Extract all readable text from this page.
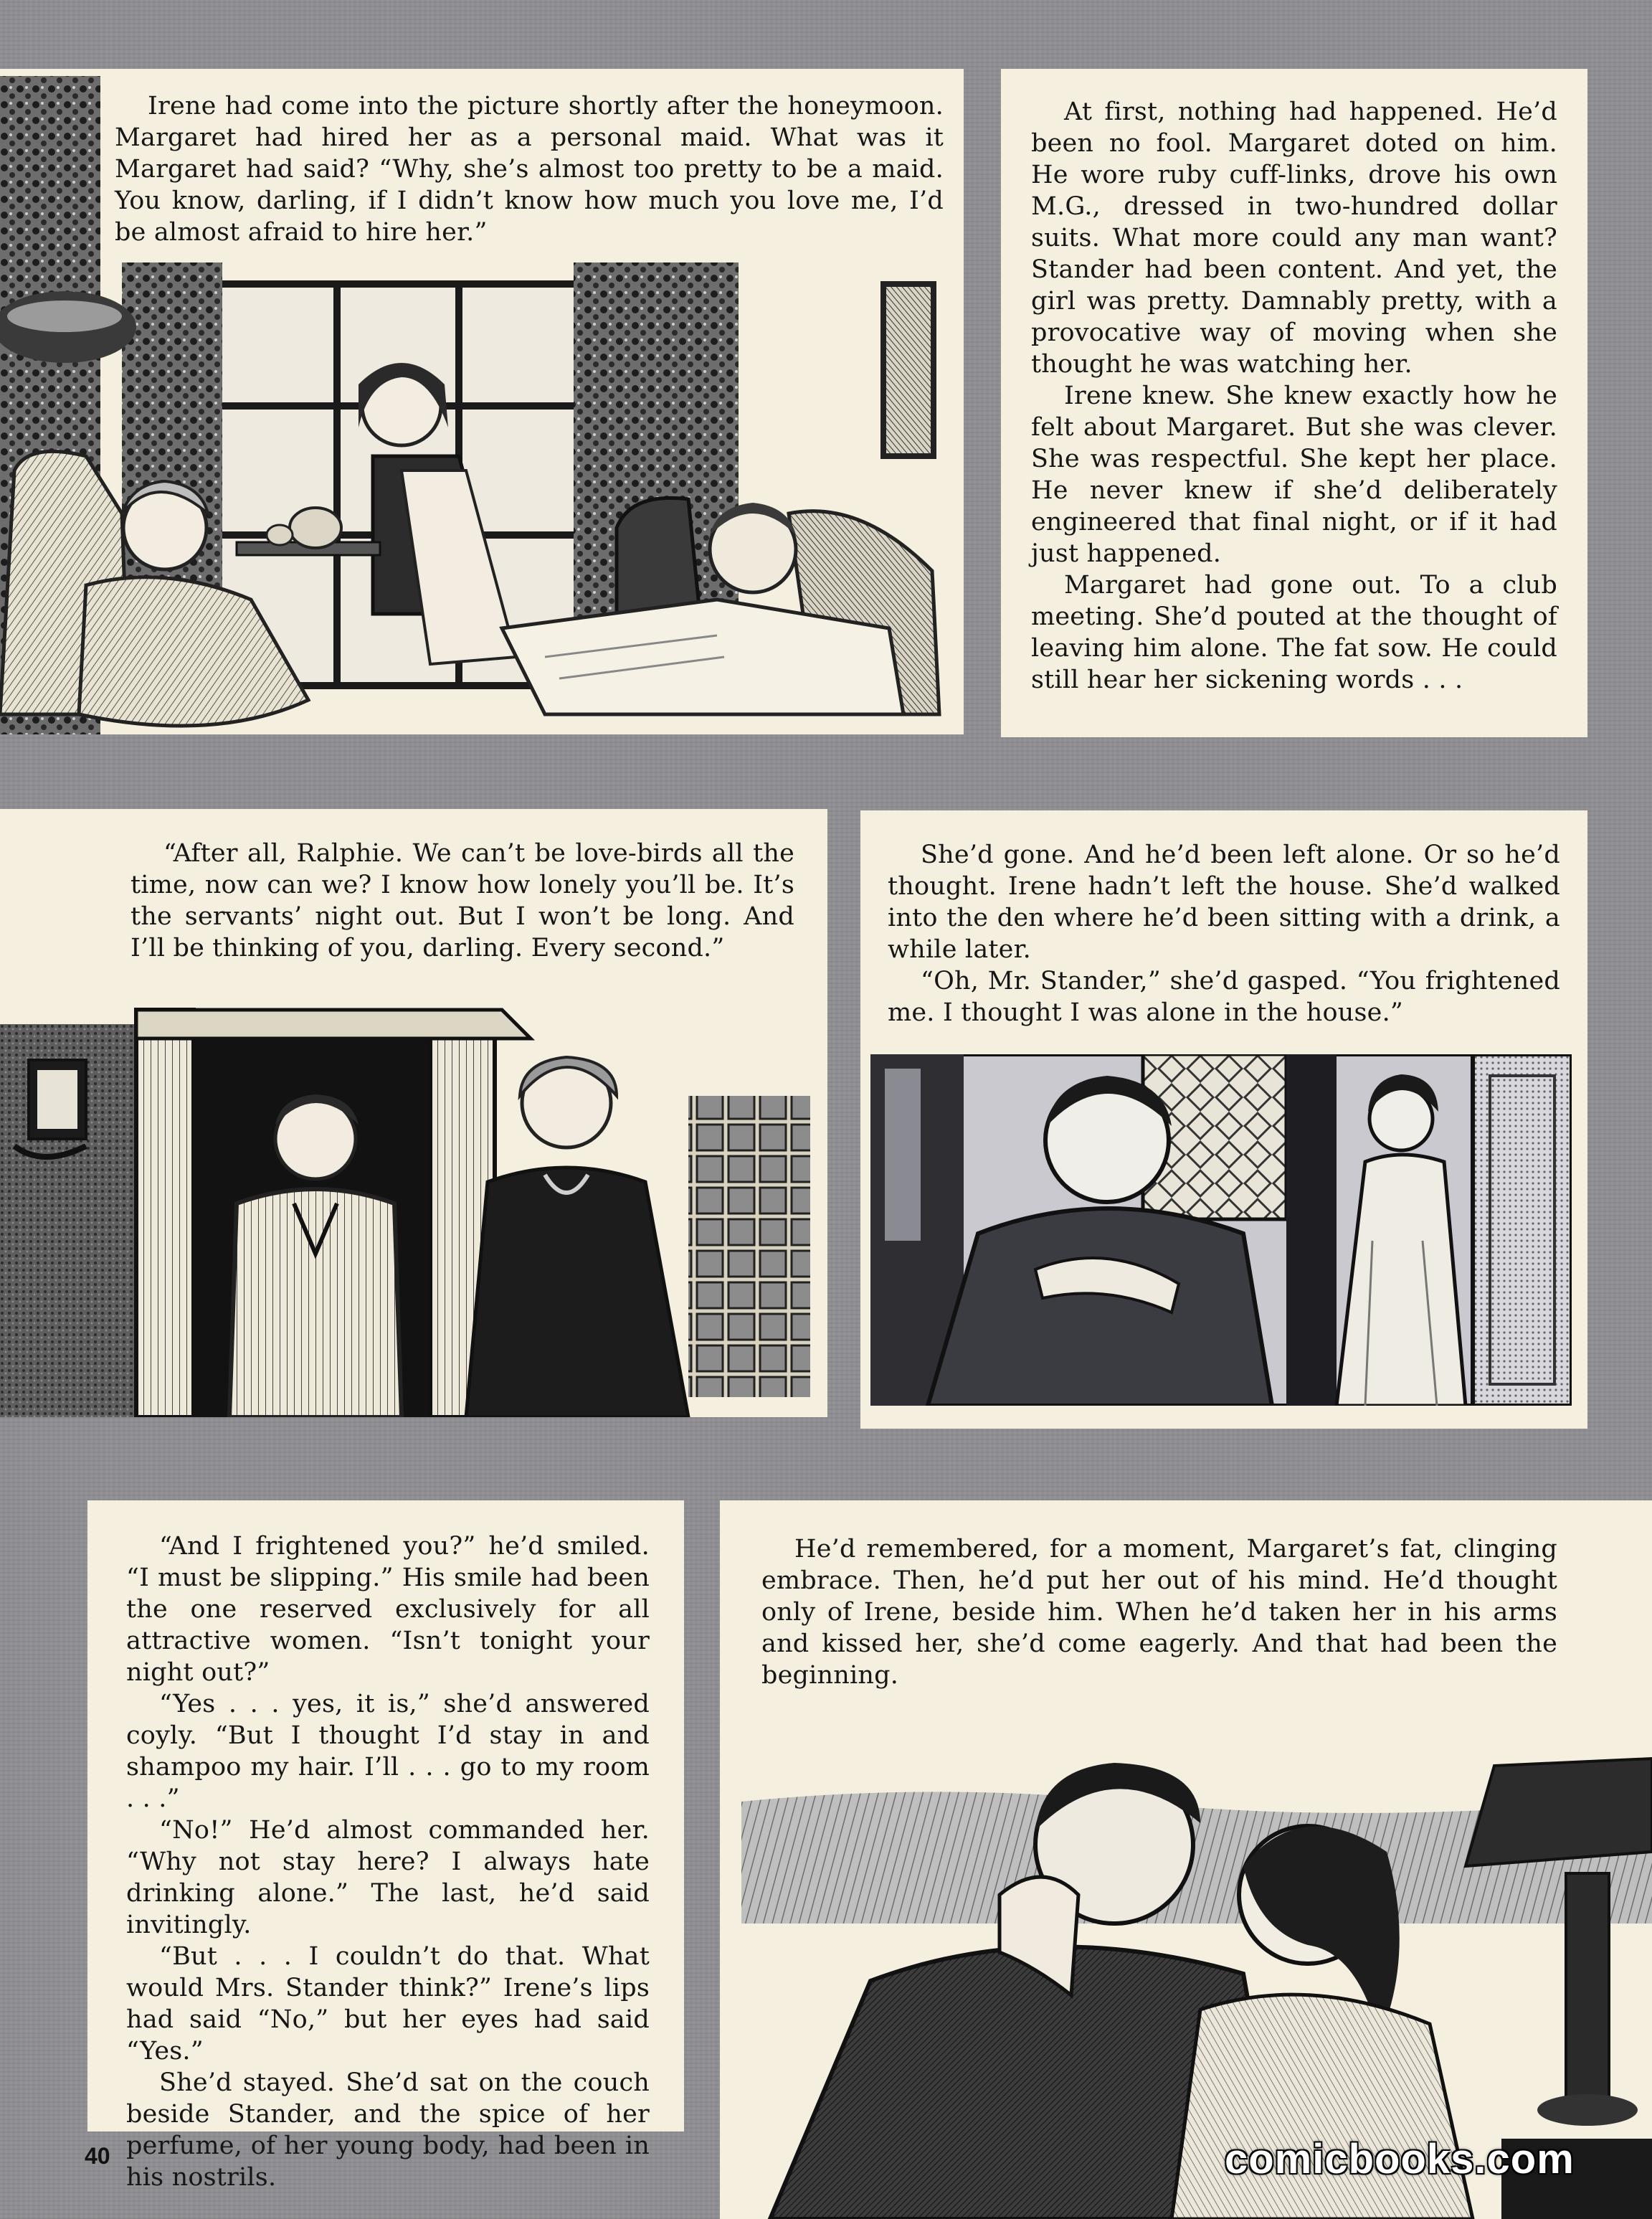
Irene had come into the picture shortly after the honeymoon. Margaret had hired her as a personal maid. What was it Margaret had said? “Why, she’s almost too pretty to be a maid. You know, darling, if I didn’t know how much you love me, I’d be almost afraid to hire her.”

At first, nothing had happened. He’d been no fool. Margaret doted on him. He wore ruby cuff-links, drove his own M.G., dressed in two-hundred dollar suits. What more could any man want? Stander had been content. And yet, the girl was pretty. Damnably pretty, with a provocative way of moving when she thought he was watching her.

Irene knew. She knew exactly how he felt about Margaret. But she was clever. She was respectful. She kept her place. He never knew if she’d deliberately engineered that final night, or if it had just happened.

Margaret had gone out. To a club meeting. She’d pouted at the thought of leaving him alone. The fat sow. He could still hear her sickening words . . .

“After all, Ralphie. We can’t be love-birds all the time, now can we? I know how lonely you’ll be. It’s the servants’ night out. But I won’t be long. And I’ll be thinking of you, darling. Every second.”

She’d gone. And he’d been left alone. Or so he’d thought. Irene hadn’t left the house. She’d walked into the den where he’d been sitting with a drink, a while later.

“Oh, Mr. Stander,” she’d gasped. “You frightened me. I thought I was alone in the house.”

“And I frightened you?” he’d smiled. “I must be slipping.” His smile had been the one reserved exclusively for all attractive women. “Isn’t tonight your night out?”

“Yes . . . yes, it is,” she’d answered coyly. “But I thought I’d stay in and shampoo my hair. I’ll . . . go to my room . . .”

“No!” He’d almost commanded her. “Why not stay here? I always hate drinking alone.” The last, he’d said invitingly.

“But . . . I couldn’t do that. What would Mrs. Stander think?” Irene’s lips had said “No,” but her eyes had said “Yes.”

She’d stayed. She’d sat on the couch beside Stander, and the spice of her perfume, of her young body, had been in his nostrils.

He’d remembered, for a moment, Margaret’s fat, clinging embrace. Then, he’d put her out of his mind. He’d thought only of Irene, beside him. When he’d taken her in his arms and kissed her, she’d come eagerly. And that had been the beginning.

40	comicbooks.com
